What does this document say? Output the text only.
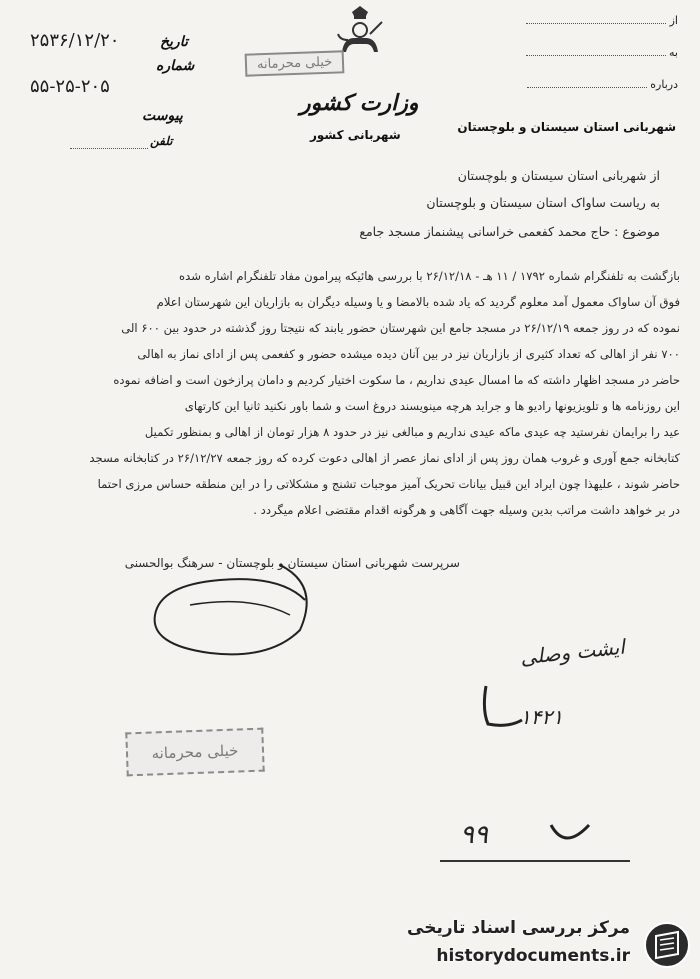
از
به
درباره
شهربانی استان سیستان و بلوچستان
خیلی محرمانه
وزارت کشور
شهربانی کشور
تاریخ
۲۵۳۶/۱۲/۲۰
شماره
۵۵-۲۵-۲۰۵
پیوست
تلفن
از شهربانی استان سیستان و بلوچستان
به ریاست ساواک استان سیستان و بلوچستان
موضوع : حاج محمد کفعمی خراسانی پیشنماز مسجد جامع
بازگشت به تلفنگرام شماره ۱۷۹۲ / ۱۱ هـ - ۲۶/۱۲/۱۸ با بررسی هائیکه پیرامون مفاد تلفنگرام اشاره شده
فوق آن ساواک معمول آمد معلوم گردید که یاد شده بالامضا و یا وسیله دیگران به بازاریان این شهرستان اعلام
نموده که در روز جمعه ۲۶/۱۲/۱۹ در مسجد جامع این شهرستان حضور یابند که نتیجتا روز گذشته در حدود بین ۶۰۰ الی
۷۰۰ نفر از اهالی که تعداد کثیری از بازاریان نیز در بین آنان دیده میشده حضور و کفعمی پس از ادای نماز به اهالی
حاضر در مسجد اظهار داشته که ما امسال عیدی نداریم ، ما سکوت اختیار کردیم و دامان پرازخون است و اضافه نموده
این روزنامه ها و تلویزیونها رادیو ها و جراید هرچه مینویسند دروغ است و شما باور نکنید ثانیا این کارتهای
عید را برایمان نفرستید چه عیدی ماکه عیدی نداریم و مبالغی نیز در حدود ۸ هزار تومان از اهالی و بمنظور تکمیل
کتابخانه جمع آوری و غروب همان روز پس از ادای نماز عصر از اهالی دعوت کرده که روز جمعه ۲۶/۱۲/۲۷ در کتابخانه مسجد
حاضر شوند ، علیهذا چون ایراد این قبیل بیانات تحریک آمیز موجبات تشنج و مشکلاتی را در این منطقه حساس مرزی احتما
در بر خواهد داشت مراتب بدین وسیله جهت آگاهی و هرگونه اقدام مقتضی اعلام میگردد .
سرپرست شهربانی استان سیستان و بلوچستان - سرهنگ بوالحسنی
ایشت وصلی
۱۴۲۱
خیلی محرمانه
۹۹
مرکز بررسی اسناد تاریخی
historydocuments.ir
